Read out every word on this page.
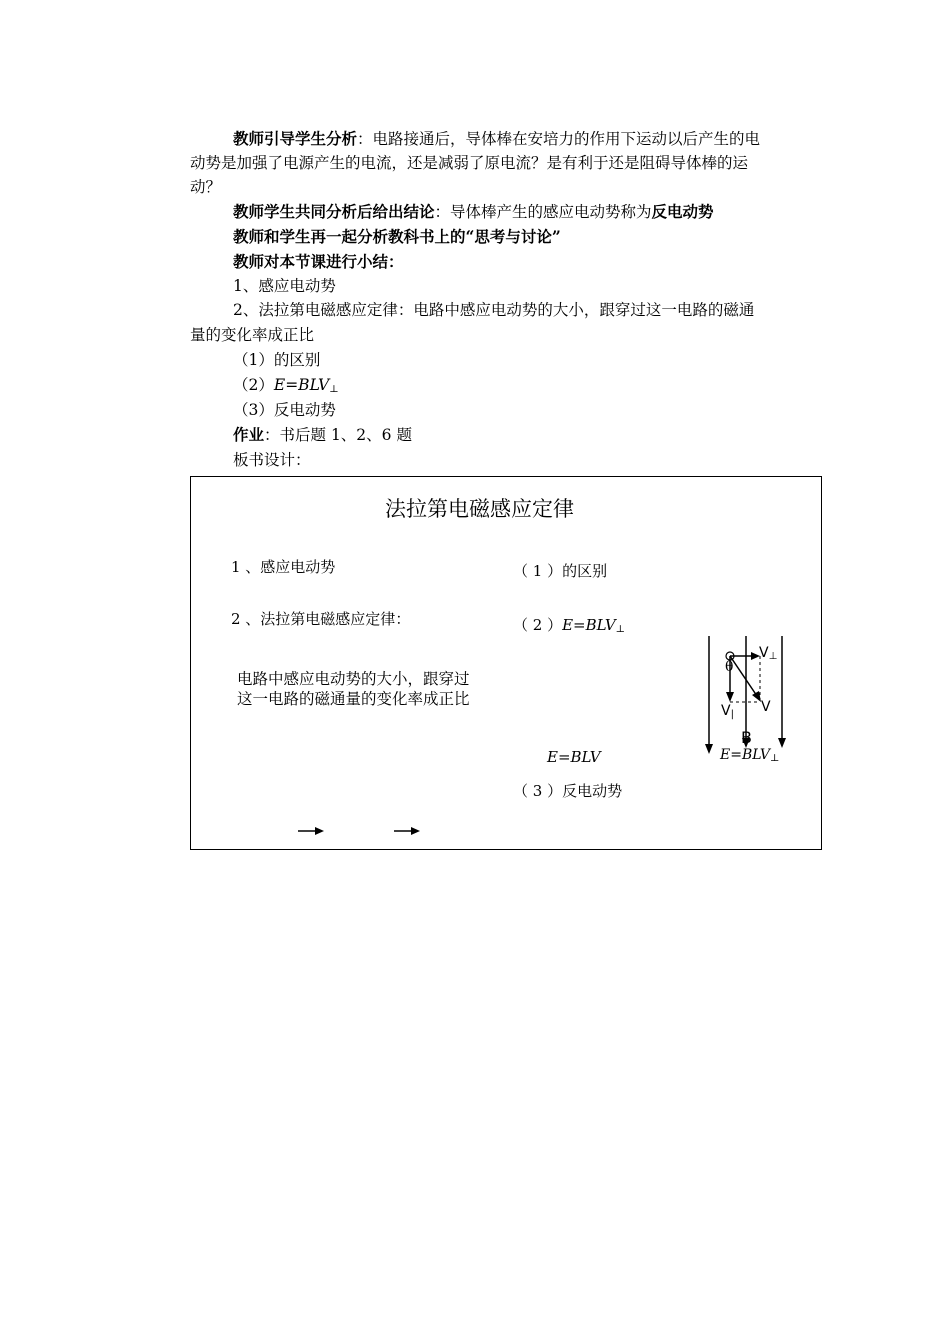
教师引导学生分析：电路接通后，导体棒在安培力的作用下运动以后产生的电
动势是加强了电源产生的电流，还是减弱了原电流？是有利于还是阻碍导体棒的运
动？
教师学生共同分析后给出结论：导体棒产生的感应电动势称为反电动势
教师和学生再一起分析教科书上的“思考与讨论”
教师对本节课进行小结：
1、感应电动势
2、法拉第电磁感应定律：电路中感应电动势的大小，跟穿过这一电路的磁通
量的变化率成正比
（1）的区别
$(2)E=BLV_\perp$
（3）反电动势
作业：书后题 1、2、6 题
板书设计：
法拉第电磁感应定律
1 、感应电动势
2 、法拉第电磁感应定律：
电路中感应电动势的大小，跟穿过这一电路的磁通量的变化率成正比
（ 1 ）的区别
（ 2 ）$E=BLV_\perp$
E=BLV
（ 3 ）反电动势
$V_\perp$
θ
$V_|$ V
B
$E=BLV_\perp$
